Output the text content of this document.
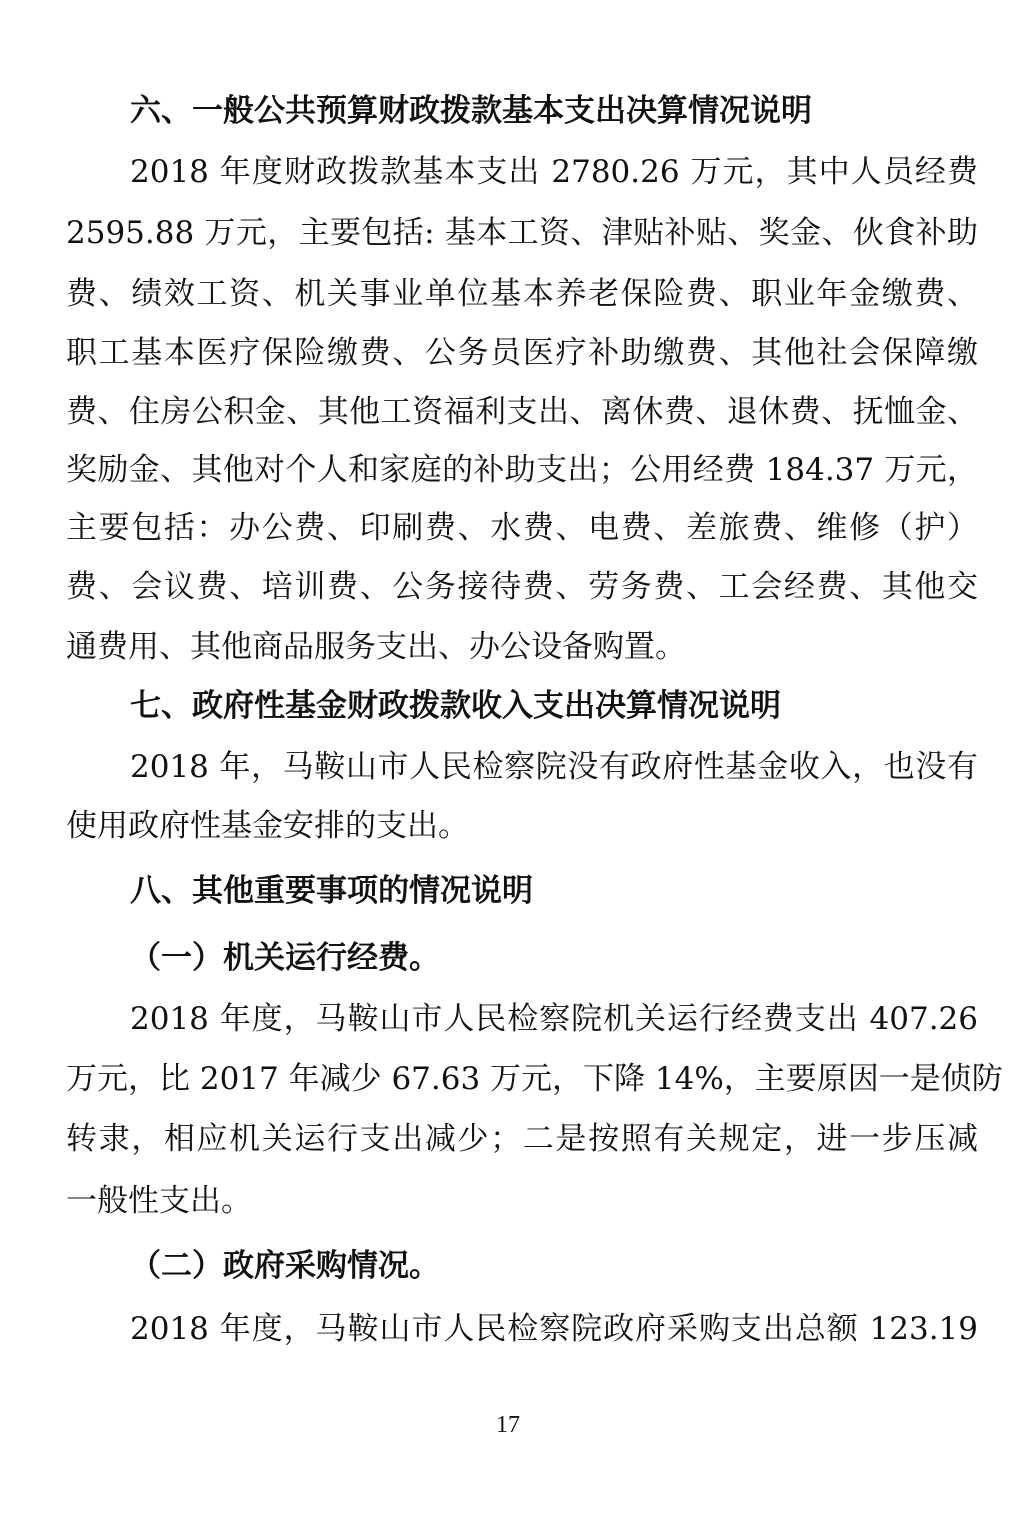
六、一般公共预算财政拨款基本支出决算情况说明
2018 年度财政拨款基本支出 2780.26 万元，其中人员经费
2595.88 万元，主要包括: 基本工资、津贴补贴、奖金、伙食补助
费、绩效工资、机关事业单位基本养老保险费、职业年金缴费、
职工基本医疗保险缴费、公务员医疗补助缴费、其他社会保障缴
费、住房公积金、其他工资福利支出、离休费、退休费、抚恤金、
奖励金、其他对个人和家庭的补助支出；公用经费 184.37 万元，
主要包括：办公费、印刷费、水费、电费、差旅费、维修（护）
费、会议费、培训费、公务接待费、劳务费、工会经费、其他交
通费用、其他商品服务支出、办公设备购置。
七、政府性基金财政拨款收入支出决算情况说明
2018 年，马鞍山市人民检察院没有政府性基金收入，也没有
使用政府性基金安排的支出。
八、其他重要事项的情况说明
（一）机关运行经费。
2018 年度，马鞍山市人民检察院机关运行经费支出 407.26
万元，比 2017 年减少 67.63 万元，下降 14%，主要原因一是侦防
转隶，相应机关运行支出减少；二是按照有关规定，进一步压减
一般性支出。
（二）政府采购情况。
2018 年度，马鞍山市人民检察院政府采购支出总额 123.19
17
